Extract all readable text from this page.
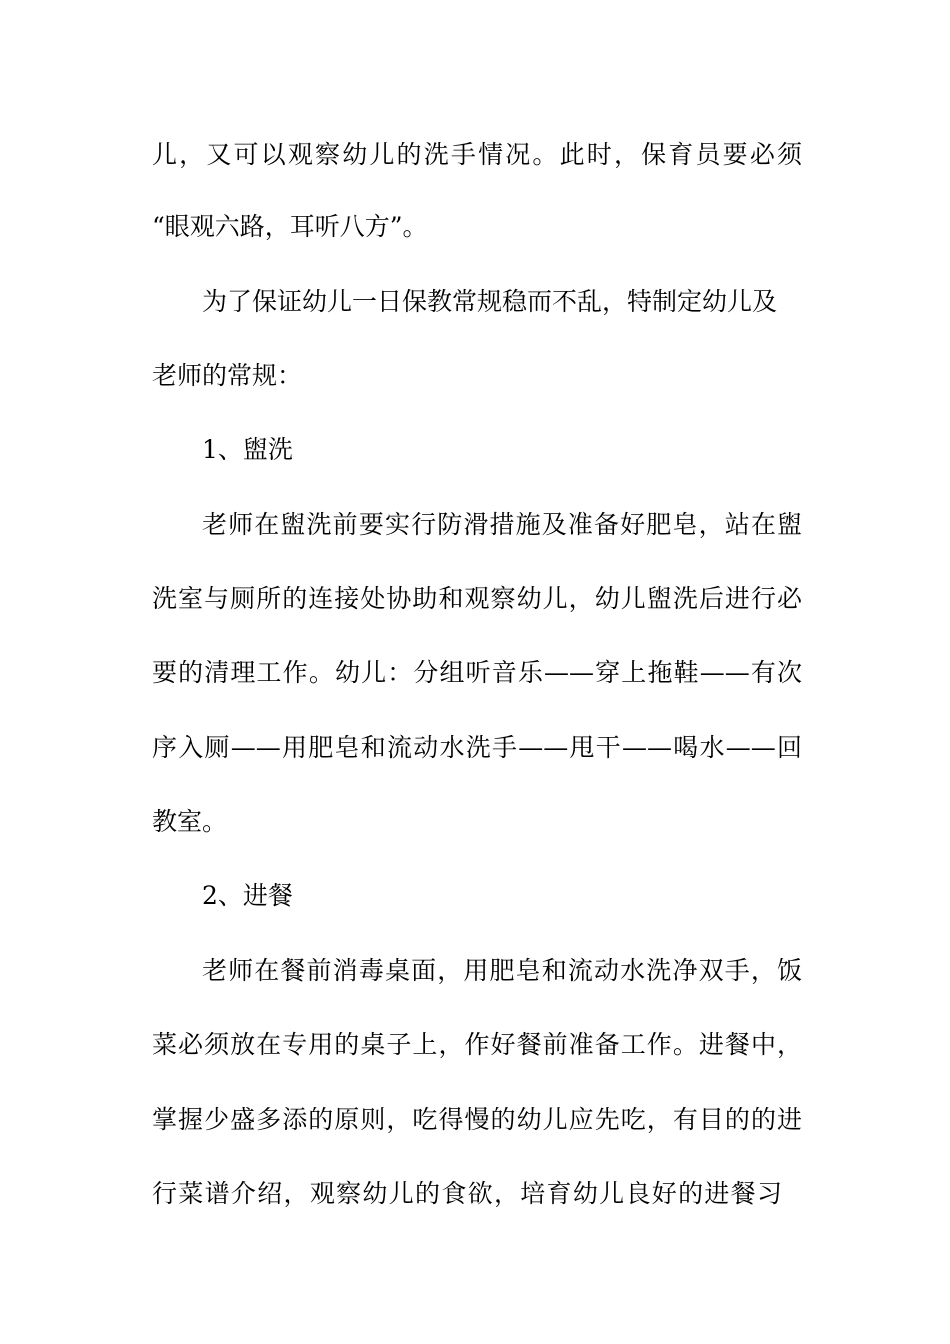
儿，又可以观察幼儿的洗手情况。此时，保育员要必须
“眼观六路，耳听八方”。
为了保证幼儿一日保教常规稳而不乱，特制定幼儿及
老师的常规：
1、盥洗
老师在盥洗前要实行防滑措施及准备好肥皂，站在盥
洗室与厕所的连接处协助和观察幼儿，幼儿盥洗后进行必
要的清理工作。幼儿：分组听音乐——穿上拖鞋——有次
序入厕——用肥皂和流动水洗手——甩干——喝水——回
教室。
2、进餐
老师在餐前消毒桌面，用肥皂和流动水洗净双手，饭
菜必须放在专用的桌子上，作好餐前准备工作。进餐中，
掌握少盛多添的原则，吃得慢的幼儿应先吃，有目的的进
行菜谱介绍，观察幼儿的食欲，培育幼儿良好的进餐习
